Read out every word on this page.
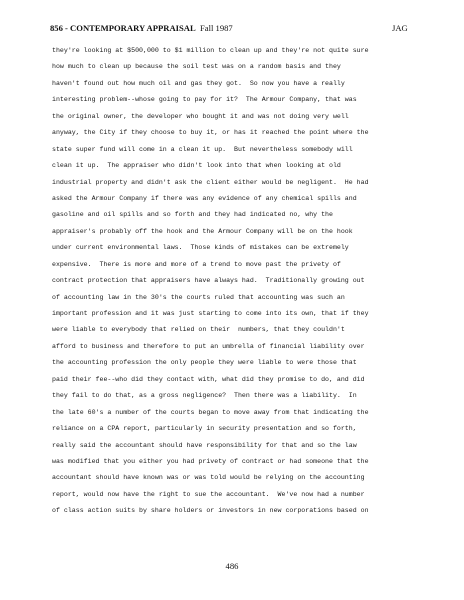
856 - CONTEMPORARY APPRAISAL Fall 1987	JAG
they're looking at $500,000 to $1 million to clean up and they're not quite sure
how much to clean up because the soil test was on a random basis and they
haven't found out how much oil and gas they got.  So now you have a really
interesting problem--whose going to pay for it?  The Armour Company, that was
the original owner, the developer who bought it and was not doing very well
anyway, the City if they choose to buy it, or has it reached the point where the
state super fund will come in a clean it up.  But nevertheless somebody will
clean it up.  The appraiser who didn't look into that when looking at old
industrial property and didn't ask the client either would be negligent.  He had
asked the Armour Company if there was any evidence of any chemical spills and
gasoline and oil spills and so forth and they had indicated no, why the
appraiser's probably off the hook and the Armour Company will be on the hook
under current environmental laws.  Those kinds of mistakes can be extremely
expensive.  There is more and more of a trend to move past the privety of
contract protection that appraisers have always had.  Traditionally growing out
of accounting law in the 30's the courts ruled that accounting was such an
important profession and it was just starting to come into its own, that if they
were liable to everybody that relied on their  numbers, that they couldn't
afford to business and therefore to put an umbrella of financial liability over
the accounting profession the only people they were liable to were those that
paid their fee--who did they contact with, what did they promise to do, and did
they fail to do that, as a gross negligence?  Then there was a liability.  In
the late 60's a number of the courts began to move away from that indicating the
reliance on a CPA report, particularly in security presentation and so forth,
really said the accountant should have responsibility for that and so the law
was modified that you either you had privety of contract or had someone that the
accountant should have known was or was told would be relying on the accounting
report, would now have the right to sue the accountant.  We've now had a number
of class action suits by share holders or investors in new corporations based on
486
